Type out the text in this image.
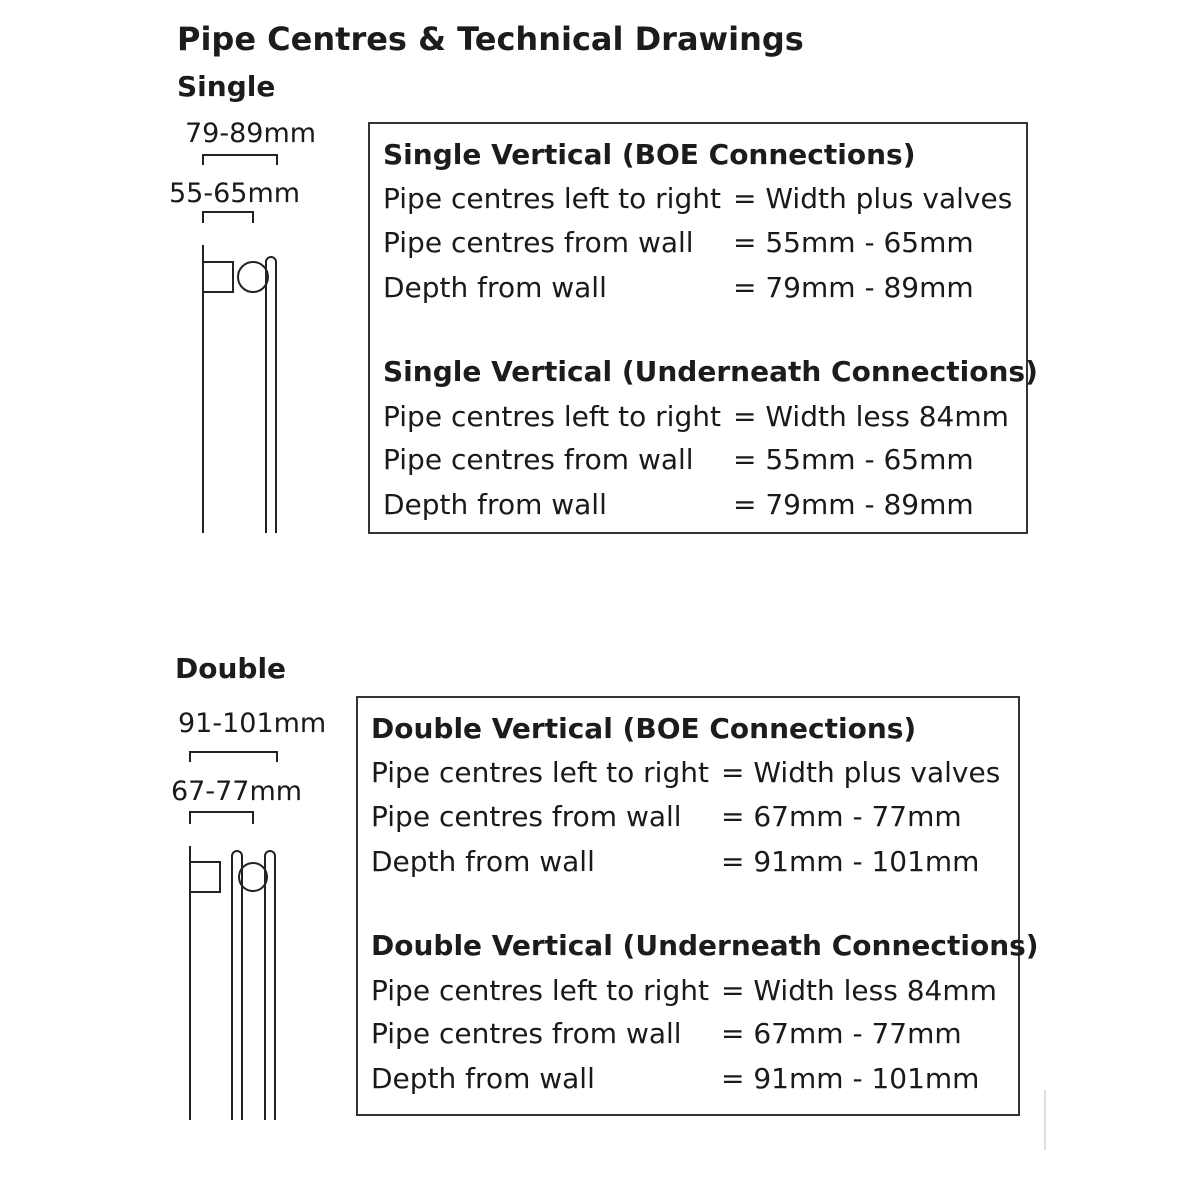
Pipe Centres & Technical Drawings
Single
79-89mm
55-65mm
Single Vertical (BOE Connections)
Pipe centres left to right = Width plus valves
Pipe centres from wall = 55mm - 65mm
Depth from wall	= 79mm - 89mm
Single Vertical (Underneath Connections)
Pipe centres left to right = Width less 84mm
Pipe centres from wall = 55mm - 65mm
Depth from wall	= 79mm - 89mm
Double
91-101mm
67-77mm
Double Vertical (BOE Connections)
Pipe centres left to right = Width plus valves
Pipe centres from wall = 67mm - 77mm
Depth from wall	= 91mm - 101mm
Double Vertical (Underneath Connections)
Pipe centres left to right = Width less 84mm
Pipe centres from wall = 67mm - 77mm
Depth from wall	= 91mm - 101mm
